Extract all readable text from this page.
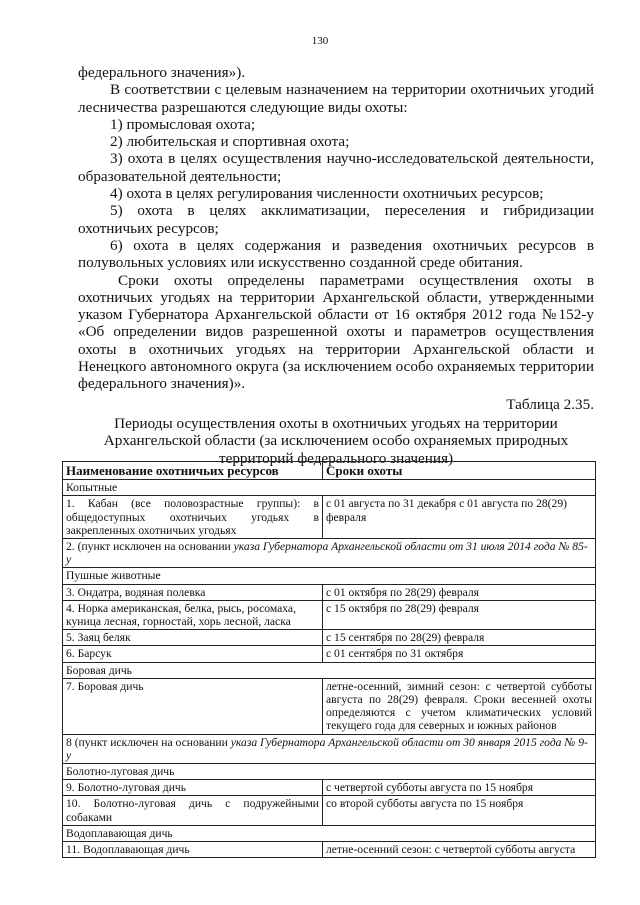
130

федерального значения»).

В соответствии с целевым назначением на территории охотничьих угодий лесничества разрешаются следующие виды охоты:

1) промысловая охота;

2) любительская и спортивная охота;

3) охота в целях осуществления научно-исследовательской деятельности, образовательной деятельности;

4) охота в целях регулирования численности охотничьих ресурсов;

5) охота в целях акклиматизации, переселения и гибридизации охотничьих ресурсов;

6) охота в целях содержания и разведения охотничьих ресурсов в полувольных условиях или искусственно созданной среде обитания.

Сроки охоты определены параметрами осуществления охоты в охотничьих угодьях на территории Архангельской области, утвержденными указом Губернатора Архангельской области от 16 октября 2012 года №152-у «Об определении видов разрешенной охоты и параметров осуществления охоты в охотничьих угодьях на территории Архангельской области и Ненецкого автономного округа (за исключением особо охраняемых территории федерального значения)».

Таблица 2.35.
Периоды осуществления охоты в охотничьих угодьях на территории Архангельской области (за исключением особо охраняемых природных территорий федерального значения)
Наименование охотничьих ресурсов	Сроки охоты
Копытные	
1. Кабан (все половозрастные группы): в общедоступных охотничьих угодьях в закрепленных охотничьих угодьях	с 01 августа по 31 декабря с 01 августа по 28(29) февраля
2. (пункт исключен на основании указа Губернатора Архангельской области от 31 июля 2014 года № 85-у	
Пушные животные	
3. Ондатра, водяная полевка	с 01 октября по 28(29) февраля
4. Норка американская, белка, рысь, росомаха, куница лесная, горностай, хорь лесной, ласка	с 15 октября по 28(29) февраля
5. Заяц беляк	с 15 сентября по 28(29) февраля
6. Барсук	с 01 сентября по 31 октября
Боровая дичь	
7. Боровая дичь	летне-осенний, зимний сезон: с четвертой субботы августа по 28(29) февраля. Сроки весенней охоты определяются с учетом климатических условий текущего года для северных и южных районов
8 (пункт исключен на основании указа Губернатора Архангельской области от 30 января 2015 года № 9-у	
Болотно-луговая дичь	
9. Болотно-луговая дичь	с четвертой субботы августа по 15 ноября
10. Болотно-луговая дичь с подружейными собаками	со второй субботы августа по 15 ноября
Водоплавающая дичь	
11. Водоплавающая дичь	летне-осенний сезон: с четвертой субботы августа
